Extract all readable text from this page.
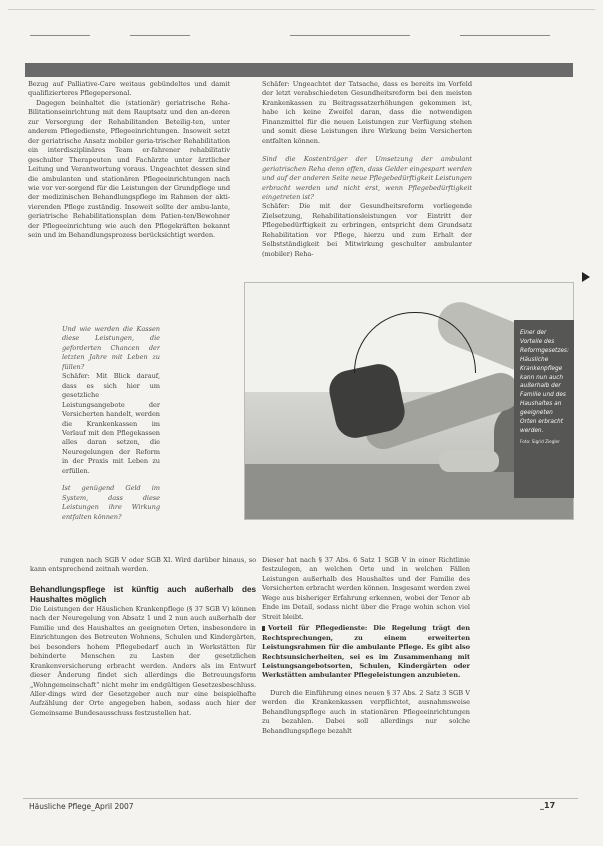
Bezug auf Palliative-Care weitaus gebündeltes und damit qualifizierteres Pflegepersonal.

Dagegen beinhaltet die (stationär) geriatrische Reha-Bilitationseinrichtung mit dem Rauptsatz und den an-deren zur Versorgung der Rehabilitanden Beteilig-ten, unter anderem Pflegedienste, Pflegeeinrichtungen. Insoweit setzt der geriatrische Ansatz mobiler geria-trischer Rehabilitation ein interdisziplinäres Team er-fahrener rehabilitativ geschulter Therapeuten und Fachärzte unter ärztlicher Leitung und Verantwortung voraus. Ungeachtet dessen sind die ambulanten und stationären Pflegeeinrichtungen nach wie vor ver-sorgend für die Leistungen der Grundpflege und der medizinischen Behandlungspflege im Rahmen der akti-vierenden Pflege zuständig. Insoweit sollte der ambu-lante, geriatrische Rehabilitationsplan dem Patien-ten/Bewohner der Pflegeeinrichtung wie auch den Pflegekräften bekannt sein und im Behandlungsprozess berücksichtigt werden.

Einer der Vorteile des Reformgesetzes: Häusliche Krankenpflege kann nun auch außerhalb der Familie und des Haushaltes an geeigneten Orten erbracht werden.
Foto: Sigrid Ziegler

Und wie werden die Kassen diese Leistungen, die geforderten Chancen der letzten Jahre mit Leben zu füllen?

Schäfer: Mit Blick darauf, dass es sich hier um gesetzliche Leistungsangebote der Versicherten handelt, werden die Krankenkassen im Verlauf mit den Pflegekassen alles daran setzen, die Neuregelungen der Reform in der Praxis mit Leben zu erfüllen.

Ist genügend Geld im System, dass diese Leistungen ihre Wirkung entfalten können?

Schäfer: Ungeachtet der Tatsache, dass es bereits im Vorfeld der letzt verabschiedeten Gesundheitsreform bei den meisten Krankenkassen zu Beitragssatzerhöhungen gekommen ist, habe ich keine Zweifel daran, dass die notwendigen Finanzmittel für die neuen Leistungen zur Verfügung stehen und somit diese Leistungen ihre Wirkung beim Versicherten entfalten können.

Sind die Kostenträger der Umsetzung der ambulant geriatrischen Reha denn offen, dass Gelder eingespart werden und auf der anderen Seite neue Pflegebedürftigkeit Leistungen erbracht werden und nicht erst, wenn Pflegebedürftigkeit eingetreten ist?

Schäfer: Die mit der Gesundheitsreform vorliegende Zielsetzung, Rehabilitationsleistungen vor Eintritt der Pflegebedürftigkeit zu erbringen, entspricht dem Grundsatz Rehabilitation vor Pflege, hierzu und zum Erhalt der Selbstständigkeit bei Mitwirkung geschulter ambulanter (mobiler) Reha-

rungen nach SGB V oder SGB XI. Wird darüber hinaus, so kann entsprechend zeitnah werden.

Behandlungspflege ist künftig auch außerhalb des Haushaltes möglich

Die Leistungen der Häuslichen Krankenpflege (§ 37 SGB V) können nach der Neuregelung von Absatz 1 und 2 nun auch außerhalb der Familie und des Haushaltes an geeigneten Orten, insbesondere in Einrichtungen des Betreuten Wohnens, Schulen und Kindergärten, bei besonders hohem Pflegebedarf auch in Werkstätten für behinderte Menschen zu Lasten der gesetzlichen Krankenversicherung erbracht werden. Anders als im Entwurf dieser Änderung findet sich allerdings die Betreuungsform „Wohngemeinschaft“ nicht mehr im endgültigen Gesetzesbeschluss. Aller-dings wird der Gesetzgeber auch nur eine beispielhafte Aufzählung der Orte angegeben haben, sodass auch hier der Gemeinsame Bundesausschuss festzustellen hat.

Dieser hat nach § 37 Abs. 6 Satz 1 SGB V in einer Richtlinie festzulegen, an welchen Orte und in welchen Fällen Leistungen außerhalb des Haushaltes und der Familie des Versicherten erbracht werden können. Insgesamt werden zwei Wege aus bisheriger Erfahrung erkennen, wobei der Tenor ab Ende im Detail, sodass nicht über die Frage wohin schon viel Streit bleibt.

Vorteil für Pflegedienste: Die Regelung trägt den Rechtsprechungen, zu einem erweiterten Leistungsrahmen für die ambulante Pflege. Es gibt also Rechtsunsicherheiten, sei es im Zusammenhang mit Leistungsangebotsorten, Schulen, Kindergärten oder Werkstätten ambulanter Pflegeleistungen anzubieten.

Durch die Einführung eines neuen § 37 Abs. 2 Satz 3 SGB V werden die Krankenkassen verpflichtet, ausnahmsweise Behandlungspflege auch in stationären Pflegeeinrichtungen zu bezahlen. Dabei soll allerdings nur solche Behandlungspflege bezahlt

Häusliche Pflege_April 2007	_17
